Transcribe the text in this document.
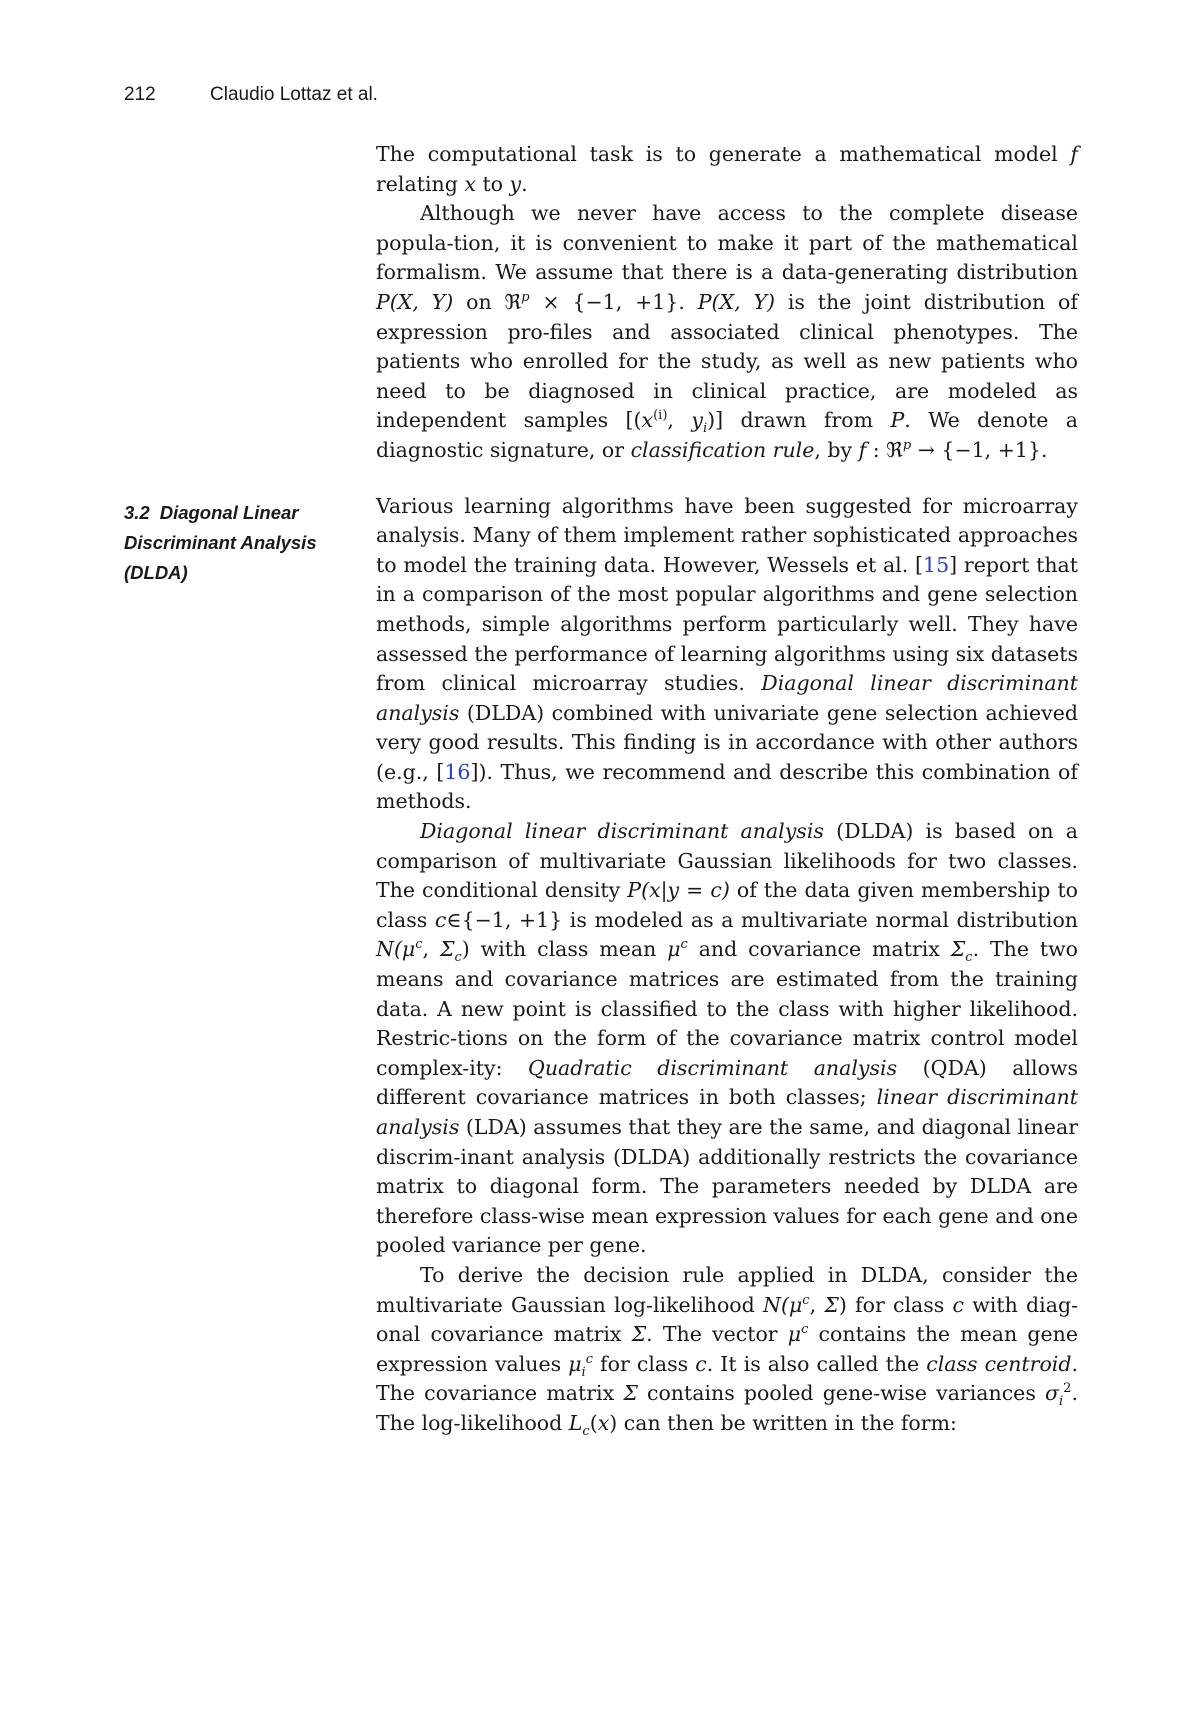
212	Claudio Lottaz et al.
3.2 Diagonal Linear Discriminant Analysis (DLDA)

The computational task is to generate a mathematical model f relating x to y.

Although we never have access to the complete disease popula-tion, it is convenient to make it part of the mathematical formalism. We assume that there is a data-generating distribution P(X, Υ) on ℜ$^p$ × {−1, +1}. P(X, Υ) is the joint distribution of expression pro-files and associated clinical phenotypes. The patients who enrolled for the study, as well as new patients who need to be diagnosed in clinical practice, are modeled as independent samples [($x^{(i)}$, $y_i$)] drawn from P. We denote a diagnostic signature, or classification rule, by f : ℜ$^p$ → {−1, +1}.

Various learning algorithms have been suggested for microarray analysis. Many of them implement rather sophisticated approaches to model the training data. However, Wessels et al. [15] report that in a comparison of the most popular algorithms and gene selection methods, simple algorithms perform particularly well. They have assessed the performance of learning algorithms using six datasets from clinical microarray studies. Diagonal linear discriminant analysis (DLDA) combined with univariate gene selection achieved very good results. This finding is in accordance with other authors (e.g., [16]). Thus, we recommend and describe this combination of methods.

Diagonal linear discriminant analysis (DLDA) is based on a comparison of multivariate Gaussian likelihoods for two classes. The conditional density P(x|y = c) of the data given membership to class c∈{−1, +1} is modeled as a multivariate normal distribution $N(\mu^c$, $\Sigma_c$) with class mean $\mu^c$ and covariance matrix $\Sigma_c$. The two means and covariance matrices are estimated from the training data. A new point is classified to the class with higher likelihood. Restric-tions on the form of the covariance matrix control model complex-ity: Quadratic discriminant analysis (QDA) allows different covariance matrices in both classes; linear discriminant analysis (LDA) assumes that they are the same, and diagonal linear discrim-inant analysis (DLDA) additionally restricts the covariance matrix to diagonal form. The parameters needed by DLDA are therefore class-wise mean expression values for each gene and one pooled variance per gene.

To derive the decision rule applied in DLDA, consider the multivariate Gaussian log-likelihood $N(\mu^c$, Σ) for class c with diag-onal covariance matrix Σ. The vector $\mu^c$ contains the mean gene expression values $\mu_i^c$ for class c. It is also called the class centroid. The covariance matrix Σ contains pooled gene-wise variances $\sigma_i^2$. The log-likelihood $L_c(x)$ can then be written in the form:
